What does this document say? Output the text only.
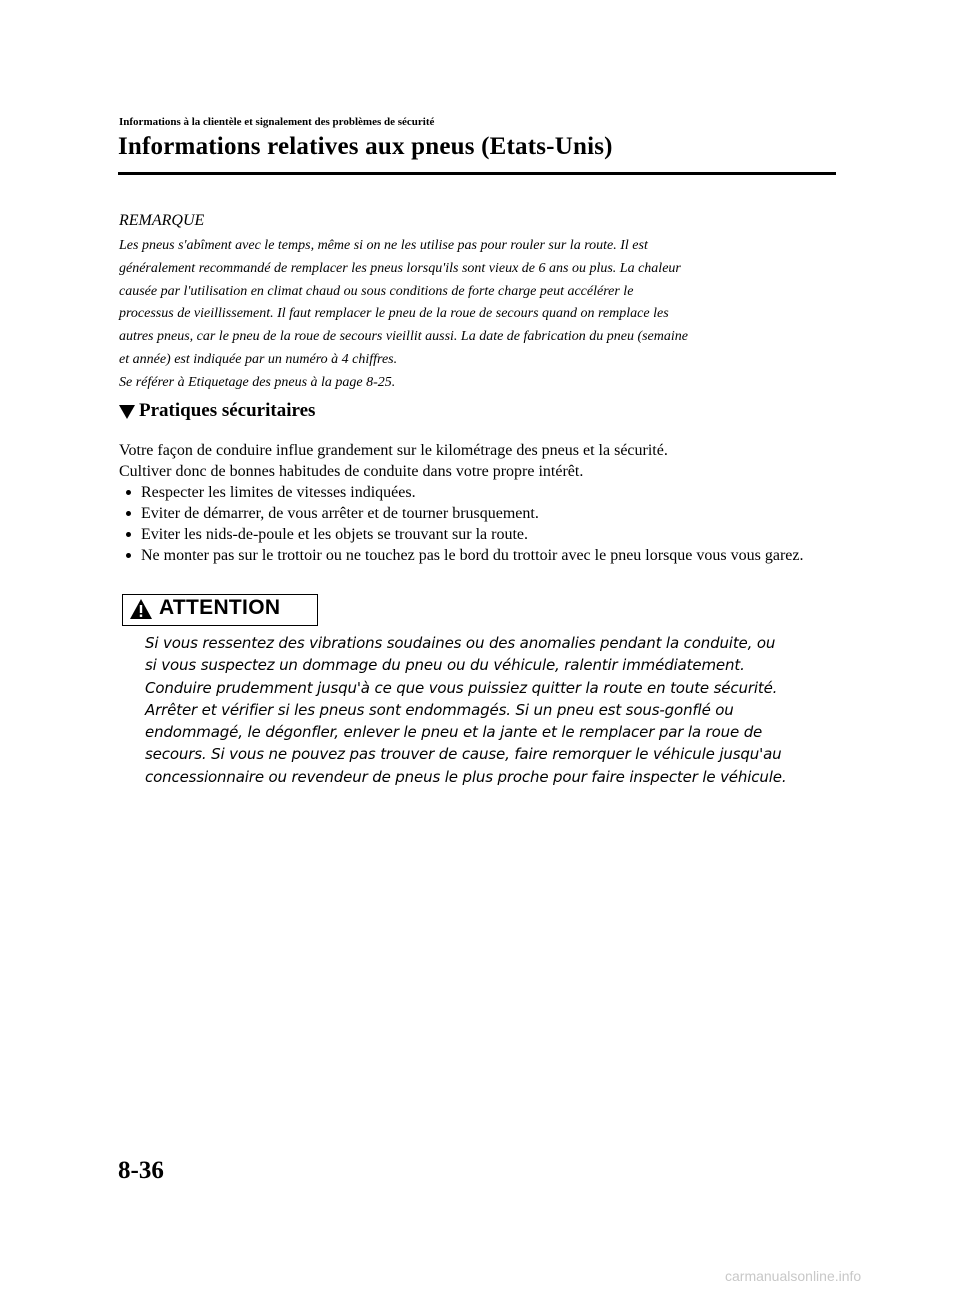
Informations à la clientèle et signalement des problèmes de sécurité
Informations relatives aux pneus (Etats-Unis)
REMARQUE

Les pneus s'abîment avec le temps, même si on ne les utilise pas pour rouler sur la route. Il est

généralement recommandé de remplacer les pneus lorsqu'ils sont vieux de 6 ans ou plus. La chaleur

causée par l'utilisation en climat chaud ou sous conditions de forte charge peut accélérer le

processus de vieillissement. Il faut remplacer le pneu de la roue de secours quand on remplace les

autres pneus, car le pneu de la roue de secours vieillit aussi. La date de fabrication du pneu (semaine

et année) est indiquée par un numéro à 4 chiffres.

Se référer à Etiquetage des pneus à la page 8-25.

Pratiques sécuritaires

Votre façon de conduire influe grandement sur le kilométrage des pneus et la sécurité.

Cultiver donc de bonnes habitudes de conduite dans votre propre intérêt.

Respecter les limites de vitesses indiquées.
Eviter de démarrer, de vous arrêter et de tourner brusquement.
Eviter les nids-de-poule et les objets se trouvant sur la route.
Ne monter pas sur le trottoir ou ne touchez pas le bord du trottoir avec le pneu lorsque vous vous garez.
ATTENTION

Si vous ressentez des vibrations soudaines ou des anomalies pendant la conduite, ou

si vous suspectez un dommage du pneu ou du véhicule, ralentir immédiatement.

Conduire prudemment jusqu'à ce que vous puissiez quitter la route en toute sécurité.

Arrêter et vérifier si les pneus sont endommagés. Si un pneu est sous-gonflé ou

endommagé, le dégonfler, enlever le pneu et la jante et le remplacer par la roue de

secours. Si vous ne pouvez pas trouver de cause, faire remorquer le véhicule jusqu'au

concessionnaire ou revendeur de pneus le plus proche pour faire inspecter le véhicule.

8-36
carmanualsonline.info
